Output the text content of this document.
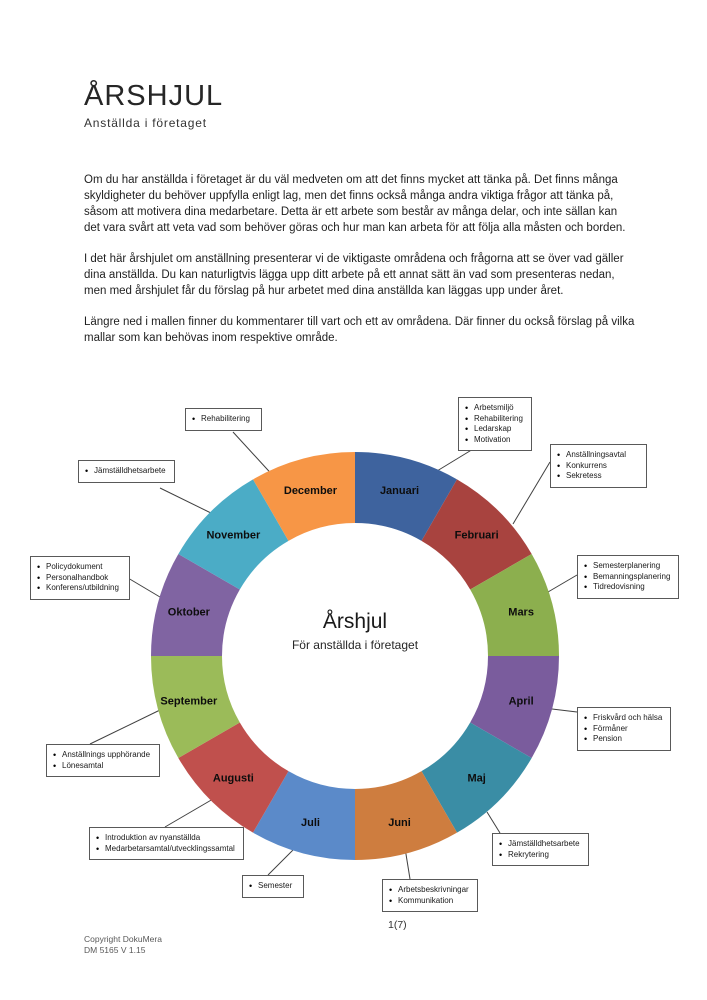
ÅRSHJUL
Anställda i företaget

Om du har anställda i företaget är du väl medveten om att det finns mycket att tänka på. Det finns många skyldigheter du behöver uppfylla enligt lag, men det finns också många andra viktiga frågor att tänka på, såsom att motivera dina medarbetare. Detta är ett arbete som består av många delar, och inte sällan kan det vara svårt att veta vad som behöver göras och hur man kan arbeta för att följa alla måsten och borden.

I det här årshjulet om anställning presenterar vi de viktigaste områdena och frågorna att se över vad gäller dina anställda. Du kan naturligtvis lägga upp ditt arbete på ett annat sätt än vad som presenteras nedan, men med årshjulet får du förslag på hur arbetet med dina anställda kan läggas upp under året.

Längre ned i mallen finner du kommentarer till vart och ett av områdena. Där finner du också förslag på vilka mallar som kan behövas inom respektive område.

Januari
Februari
Mars
April
Maj
Juni
Juli
Augusti
September
Oktober
November
December
Årshjul
För anställda i företaget
• Arbetsmiljö
• Rehabilitering
• Ledarskap
• Motivation
• Anställningsavtal
• Konkurrens
• Sekretess
• Semesterplanering
• Bemanningsplanering
• Tidredovisning
• Friskvård och hälsa
• Förmåner
• Pension
• Jämställdhetsarbete
• Rekrytering
• Arbetsbeskrivningar
• Kommunikation
• Semester
• Introduktion av nyanställda
• Medarbetarsamtal/utvecklingssamtal
• Anställnings upphörande
• Lönesamtal
• Policydokument
• Personalhandbok
• Konferens/utbildning
• Jämställdhetsarbete
• Rehabilitering
1(7)
Copyright DokuMera
DM 5165 V 1.15
